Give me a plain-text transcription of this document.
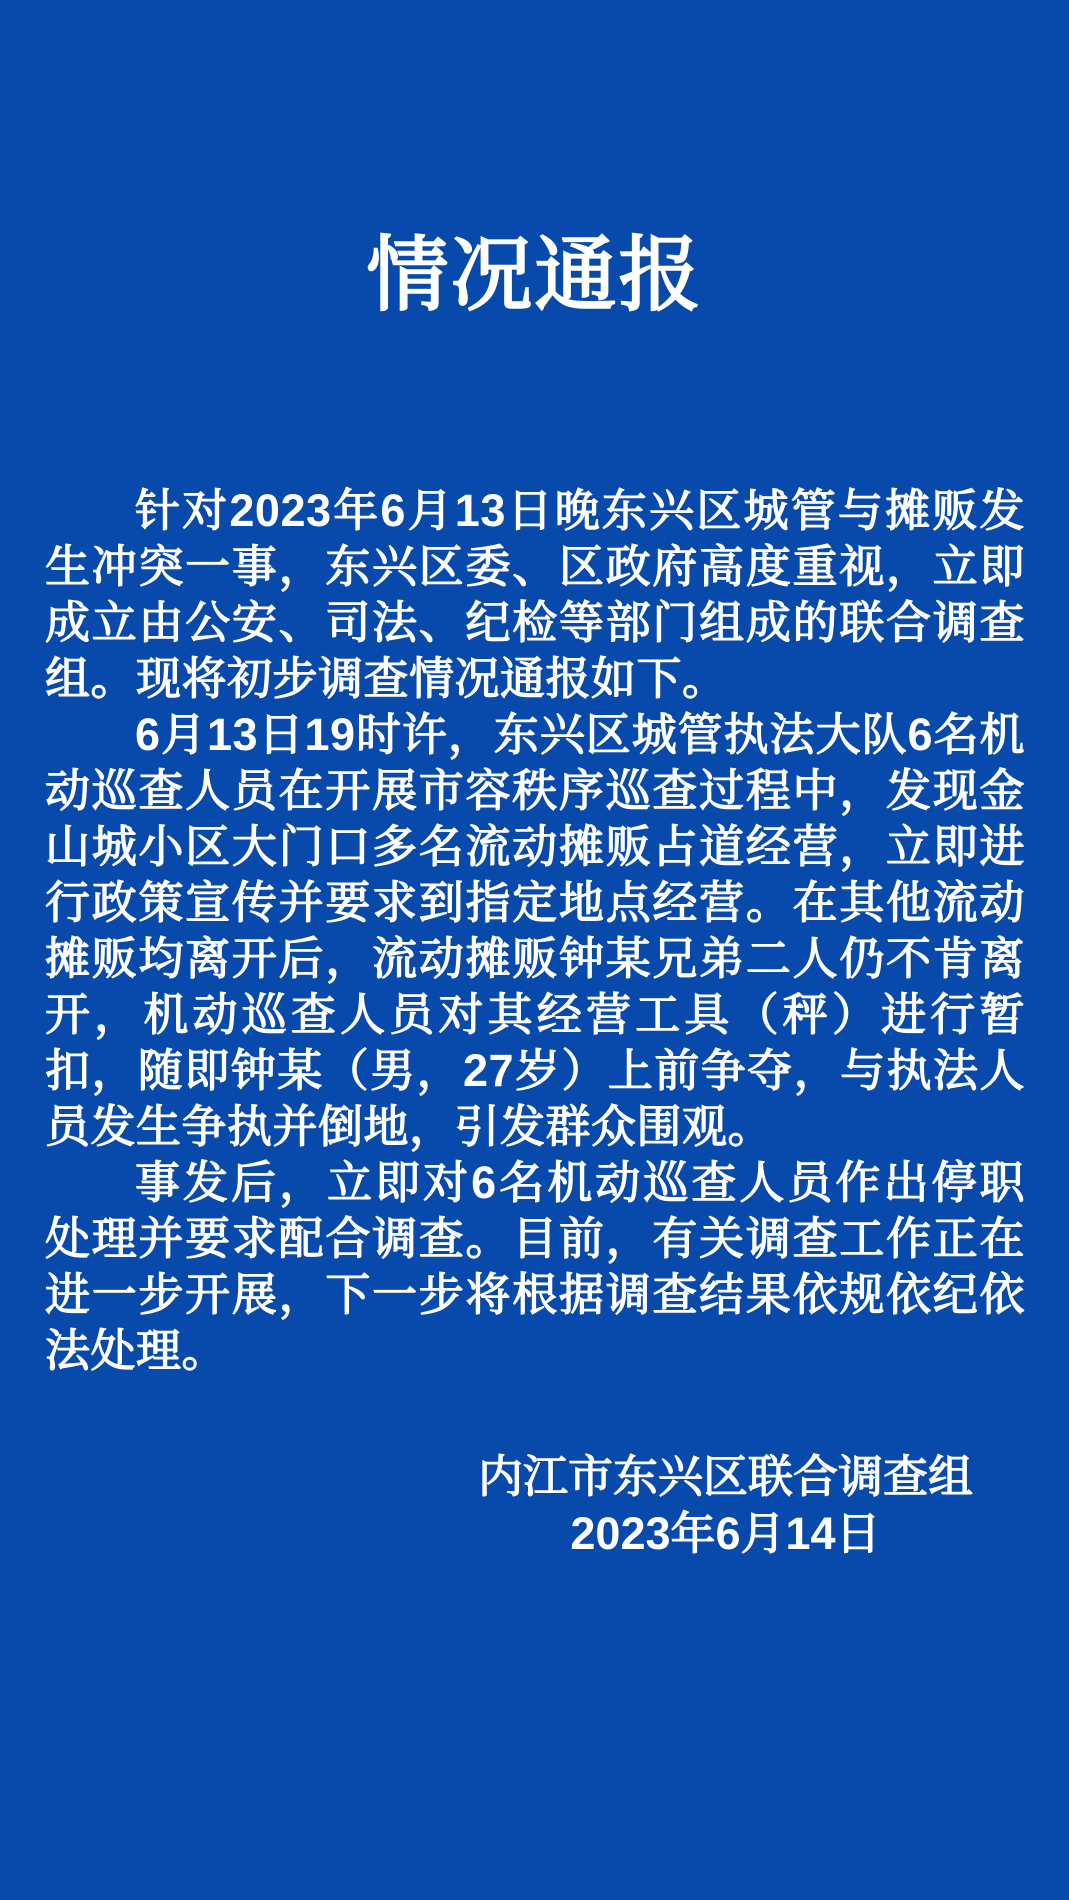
情况通报

针对2023年6月13日晚东兴区城管与摊贩发生冲突一事，东兴区委、区政府高度重视，立即成立由公安、司法、纪检等部门组成的联合调查组。现将初步调查情况通报如下。

6月13日19时许，东兴区城管执法大队6名机动巡查人员在开展市容秩序巡查过程中，发现金山城小区大门口多名流动摊贩占道经营，立即进行政策宣传并要求到指定地点经营。在其他流动摊贩均离开后，流动摊贩钟某兄弟二人仍不肯离开，机动巡查人员对其经营工具（秤）进行暂扣，随即钟某（男，27岁）上前争夺，与执法人员发生争执并倒地，引发群众围观。

事发后，立即对6名机动巡查人员作出停职处理并要求配合调查。目前，有关调查工作正在进一步开展，下一步将根据调查结果依规依纪依法处理。

内江市东兴区联合调查组
2023年6月14日
